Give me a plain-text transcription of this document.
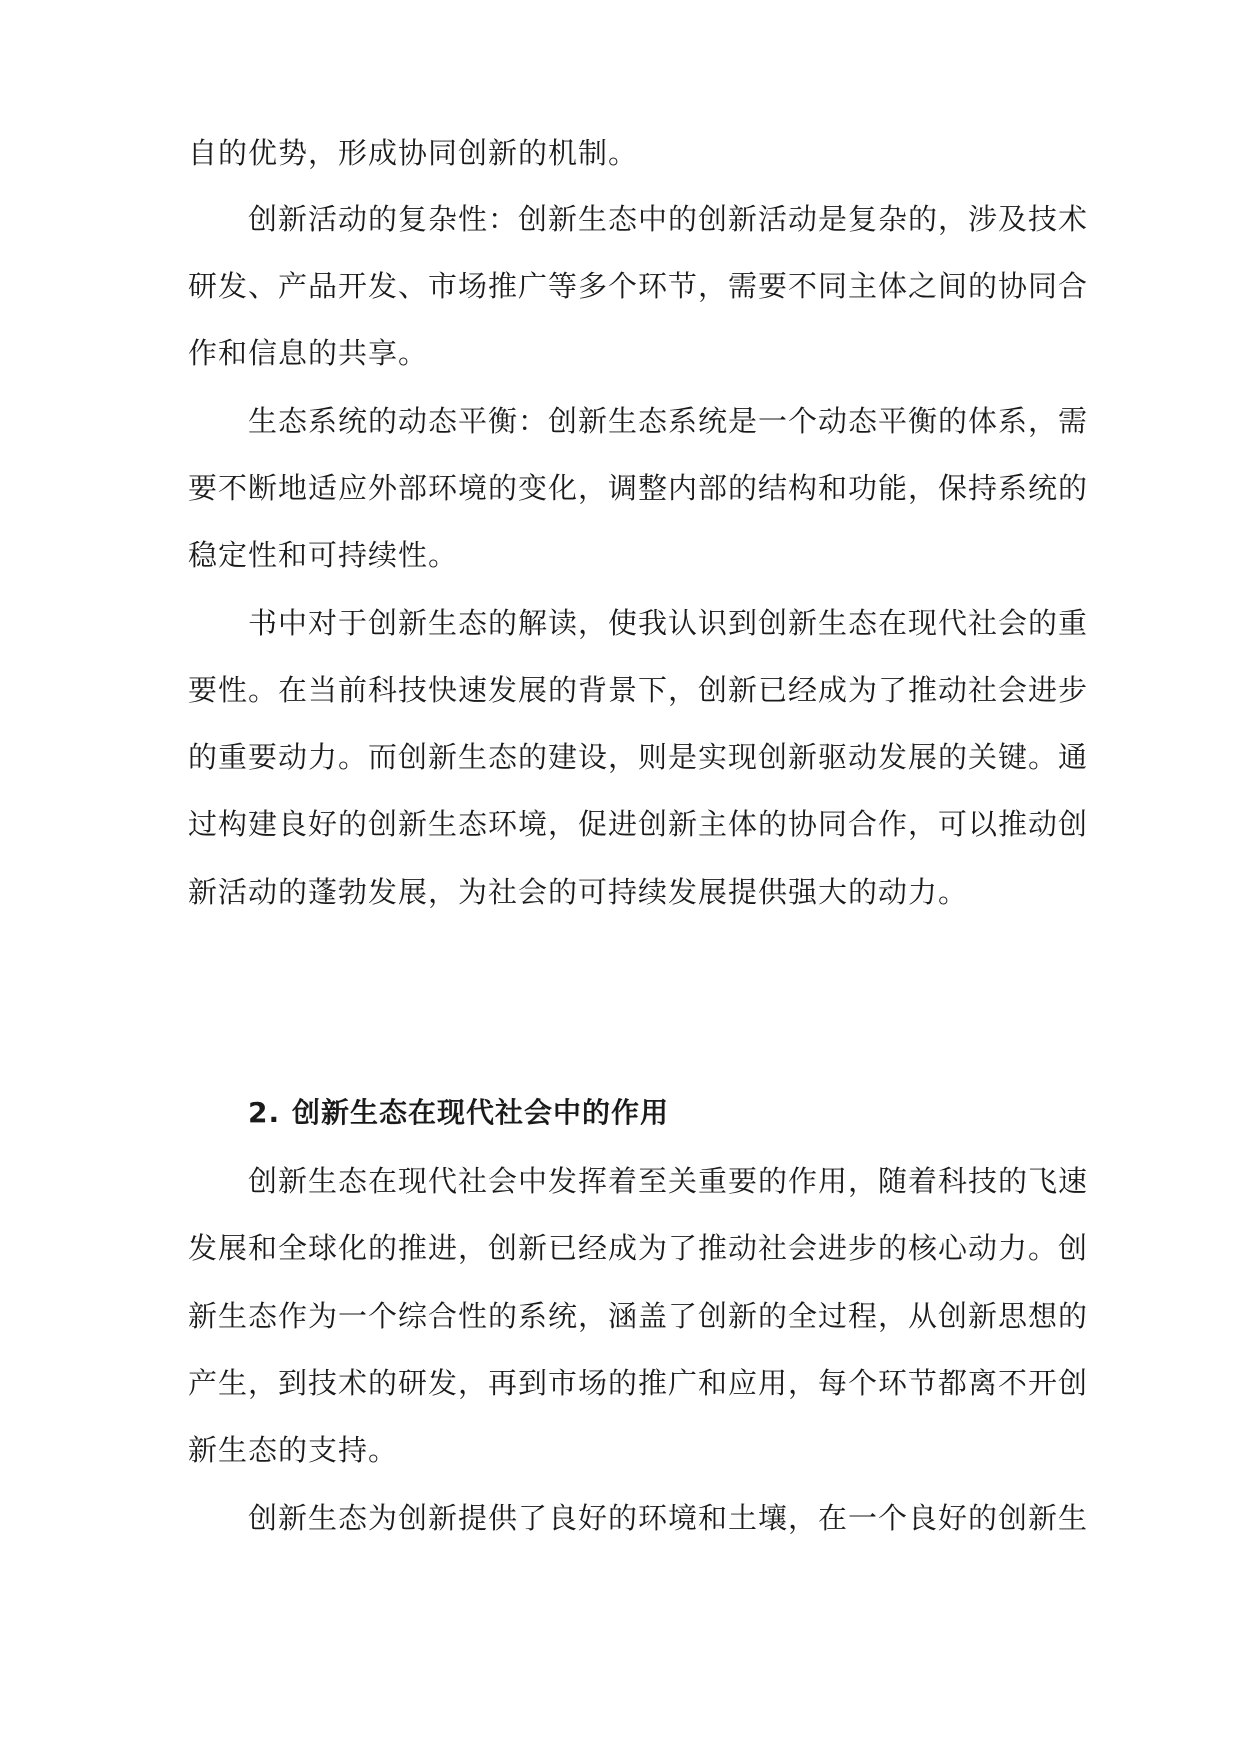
自的优势，形成协同创新的机制。
创新活动的复杂性：创新生态中的创新活动是复杂的，涉及技术
研发、产品开发、市场推广等多个环节，需要不同主体之间的协同合
作和信息的共享。
生态系统的动态平衡：创新生态系统是一个动态平衡的体系，需
要不断地适应外部环境的变化，调整内部的结构和功能，保持系统的
稳定性和可持续性。
书中对于创新生态的解读，使我认识到创新生态在现代社会的重
要性。在当前科技快速发展的背景下，创新已经成为了推动社会进步
的重要动力。而创新生态的建设，则是实现创新驱动发展的关键。通
过构建良好的创新生态环境，促进创新主体的协同合作，可以推动创
新活动的蓬勃发展，为社会的可持续发展提供强大的动力。
2. 创新生态在现代社会中的作用
创新生态在现代社会中发挥着至关重要的作用，随着科技的飞速
发展和全球化的推进，创新已经成为了推动社会进步的核心动力。创
新生态作为一个综合性的系统，涵盖了创新的全过程，从创新思想的
产生，到技术的研发，再到市场的推广和应用，每个环节都离不开创
新生态的支持。
创新生态为创新提供了良好的环境和土壤，在一个良好的创新生
